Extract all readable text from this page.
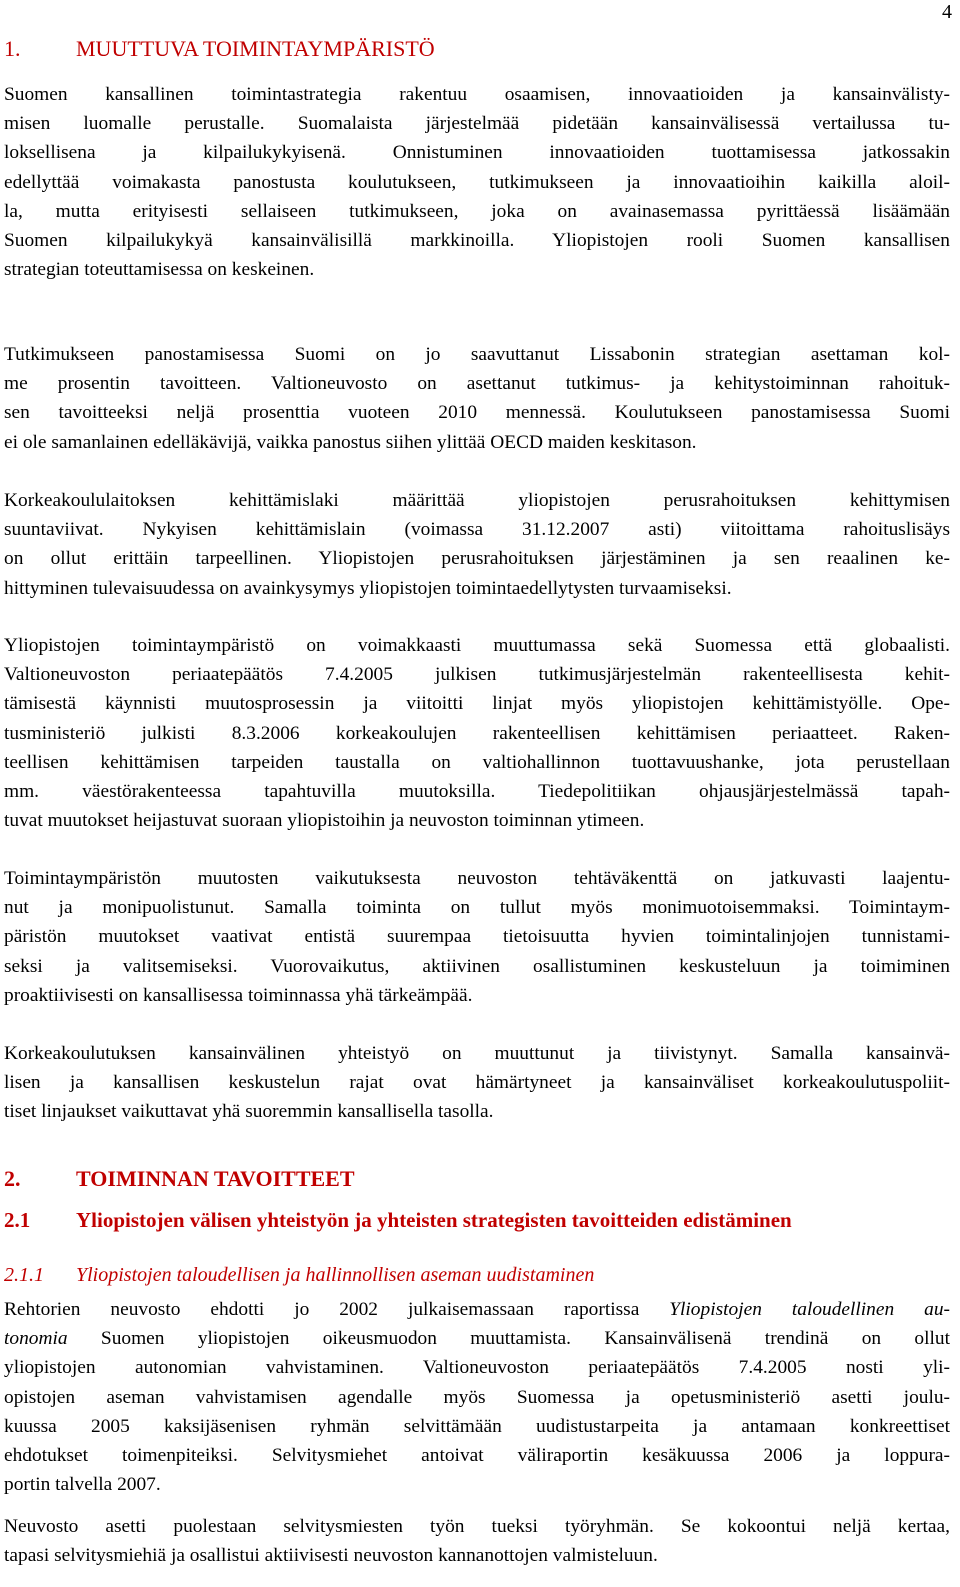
4
1.	MUUTTUVA TOIMINTAYMPÄRISTÖ
Suomen kansallinen toimintastrategia rakentuu osaamisen, innovaatioiden ja kansainvälisty-
misen luomalle perustalle. Suomalaista järjestelmää pidetään kansainvälisessä vertailussa tu-
loksellisena ja kilpailukykyisenä. Onnistuminen innovaatioiden tuottamisessa jatkossakin
edellyttää voimakasta panostusta koulutukseen, tutkimukseen ja innovaatioihin kaikilla aloil-
la, mutta erityisesti sellaiseen tutkimukseen, joka on avainasemassa pyrittäessä lisäämään
Suomen kilpailukykyä kansainvälisillä markkinoilla. Yliopistojen rooli Suomen kansallisen
strategian toteuttamisessa on keskeinen.
Tutkimukseen panostamisessa Suomi on jo saavuttanut Lissabonin strategian asettaman kol-
me prosentin tavoitteen. Valtioneuvosto on asettanut tutkimus- ja kehitystoiminnan rahoituk-
sen tavoitteeksi neljä prosenttia vuoteen 2010 mennessä. Koulutukseen panostamisessa Suomi
ei ole samanlainen edelläkävijä, vaikka panostus siihen ylittää OECD maiden keskitason.
Korkeakoululaitoksen kehittämislaki määrittää yliopistojen perusrahoituksen kehittymisen
suuntaviivat. Nykyisen kehittämislain (voimassa 31.12.2007 asti) viitoittama rahoituslisäys
on ollut erittäin tarpeellinen. Yliopistojen perusrahoituksen järjestäminen ja sen reaalinen ke-
hittyminen tulevaisuudessa on avainkysymys yliopistojen toimintaedellytysten turvaamiseksi.
Yliopistojen toimintaympäristö on voimakkaasti muuttumassa sekä Suomessa että globaalisti.
Valtioneuvoston periaatepäätös 7.4.2005 julkisen tutkimusjärjestelmän rakenteellisesta kehit-
tämisestä käynnisti muutosprosessin ja viitoitti linjat myös yliopistojen kehittämistyölle. Ope-
tusministeriö julkisti 8.3.2006 korkeakoulujen rakenteellisen kehittämisen periaatteet. Raken-
teellisen kehittämisen tarpeiden taustalla on valtiohallinnon tuottavuushanke, jota perustellaan
mm. väestörakenteessa tapahtuvilla muutoksilla. Tiedepolitiikan ohjausjärjestelmässä tapah-
tuvat muutokset heijastuvat suoraan yliopistoihin ja neuvoston toiminnan ytimeen.
Toimintaympäristön muutosten vaikutuksesta neuvoston tehtäväkenttä on jatkuvasti laajentu-
nut ja monipuolistunut. Samalla toiminta on tullut myös monimuotoisemmaksi. Toimintaym-
päristön muutokset vaativat entistä suurempaa tietoisuutta hyvien toimintalinjojen tunnistami-
seksi ja valitsemiseksi. Vuorovaikutus, aktiivinen osallistuminen keskusteluun ja toimiminen
proaktiivisesti on kansallisessa toiminnassa yhä tärkeämpää.
Korkeakoulutuksen kansainvälinen yhteistyö on muuttunut ja tiivistynyt. Samalla kansainvä-
lisen ja kansallisen keskustelun rajat ovat hämärtyneet ja kansainväliset korkeakoulutuspoliit-
tiset linjaukset vaikuttavat yhä suoremmin kansallisella tasolla.
2.	TOIMINNAN TAVOITTEET
2.1 Yliopistojen välisen yhteistyön ja yhteisten strategisten tavoitteiden edistäminen
2.1.1 Yliopistojen taloudellisen ja hallinnollisen aseman uudistaminen
Rehtorien neuvosto ehdotti jo 2002 julkaisemassaan raportissa Yliopistojen taloudellinen au-
tonomia Suomen yliopistojen oikeusmuodon muuttamista. Kansainvälisenä trendinä on ollut
yliopistojen autonomian vahvistaminen. Valtioneuvoston periaatepäätös 7.4.2005 nosti yli-
opistojen aseman vahvistamisen agendalle myös Suomessa ja opetusministeriö asetti joulu-
kuussa 2005 kaksijäsenisen ryhmän selvittämään uudistustarpeita ja antamaan konkreettiset
ehdotukset toimenpiteiksi. Selvitysmiehet antoivat väliraportin kesäkuussa 2006 ja loppura-
portin talvella 2007.
Neuvosto asetti puolestaan selvitysmiesten työn tueksi työryhmän. Se kokoontui neljä kertaa,
tapasi selvitysmiehiä ja osallistui aktiivisesti neuvoston kannanottojen valmisteluun.
